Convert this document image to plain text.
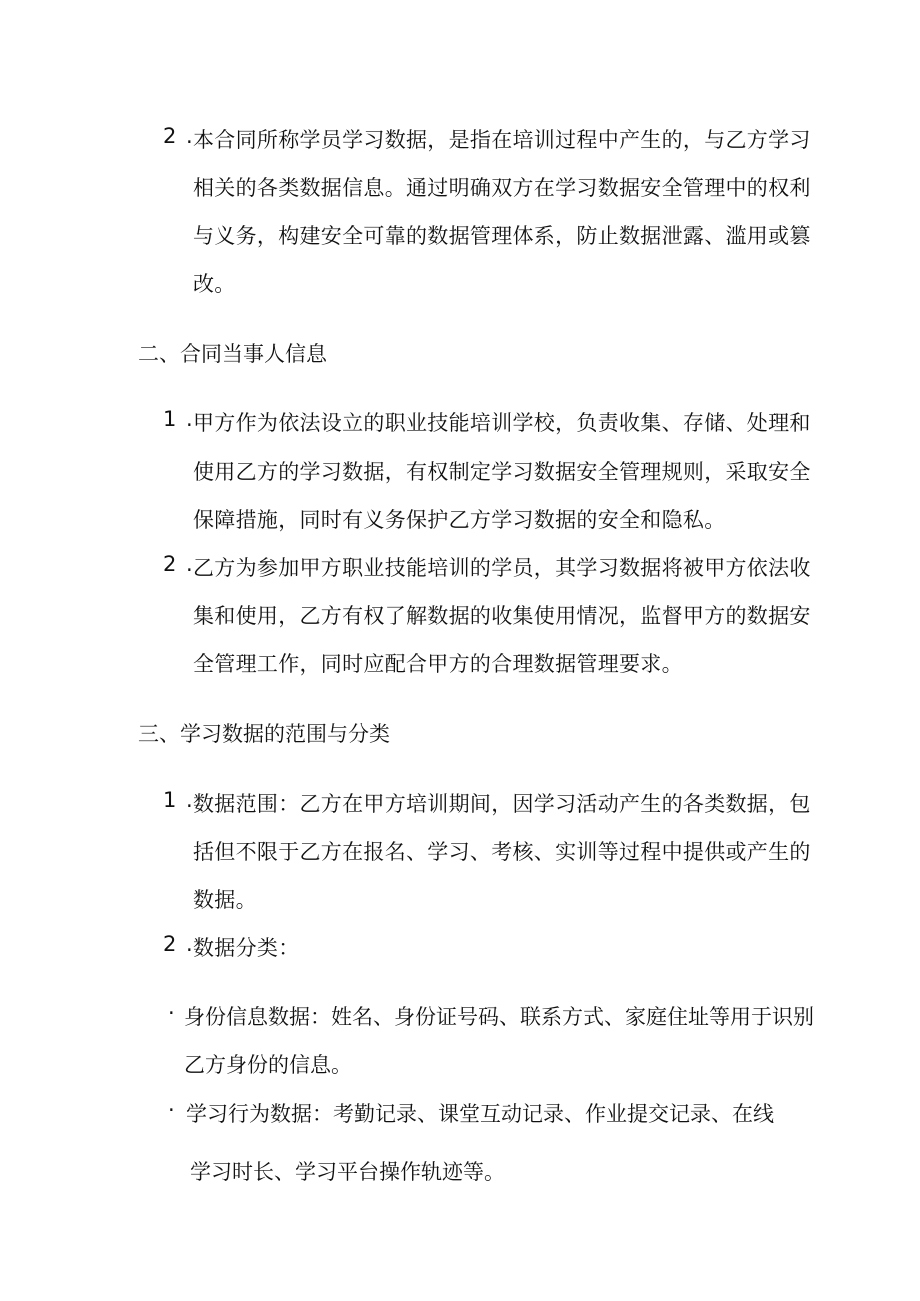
2 . 本合同所称学员学习数据，是指在培训过程中产生的，与乙方学习
相关的各类数据信息。通过明确双方在学习数据安全管理中的权利
与义务，构建安全可靠的数据管理体系，防止数据泄露、滥用或篡
改。
二、合同当事人信息
1 . 甲方作为依法设立的职业技能培训学校，负责收集、存储、处理和
使用乙方的学习数据，有权制定学习数据安全管理规则，采取安全
保障措施，同时有义务保护乙方学习数据的安全和隐私。
2 . 乙方为参加甲方职业技能培训的学员，其学习数据将被甲方依法收
集和使用，乙方有权了解数据的收集使用情况，监督甲方的数据安
全管理工作，同时应配合甲方的合理数据管理要求。
三、学习数据的范围与分类
1 . 数据范围：乙方在甲方培训期间，因学习活动产生的各类数据，包
括但不限于乙方在报名、学习、考核、实训等过程中提供或产生的
数据。
2 . 数据分类：
· 身份信息数据：姓名、身份证号码、联系方式、家庭住址等用于识别
乙方身份的信息。
· 学习行为数据：考勤记录、课堂互动记录、作业提交记录、在线
学习时长、学习平台操作轨迹等。
